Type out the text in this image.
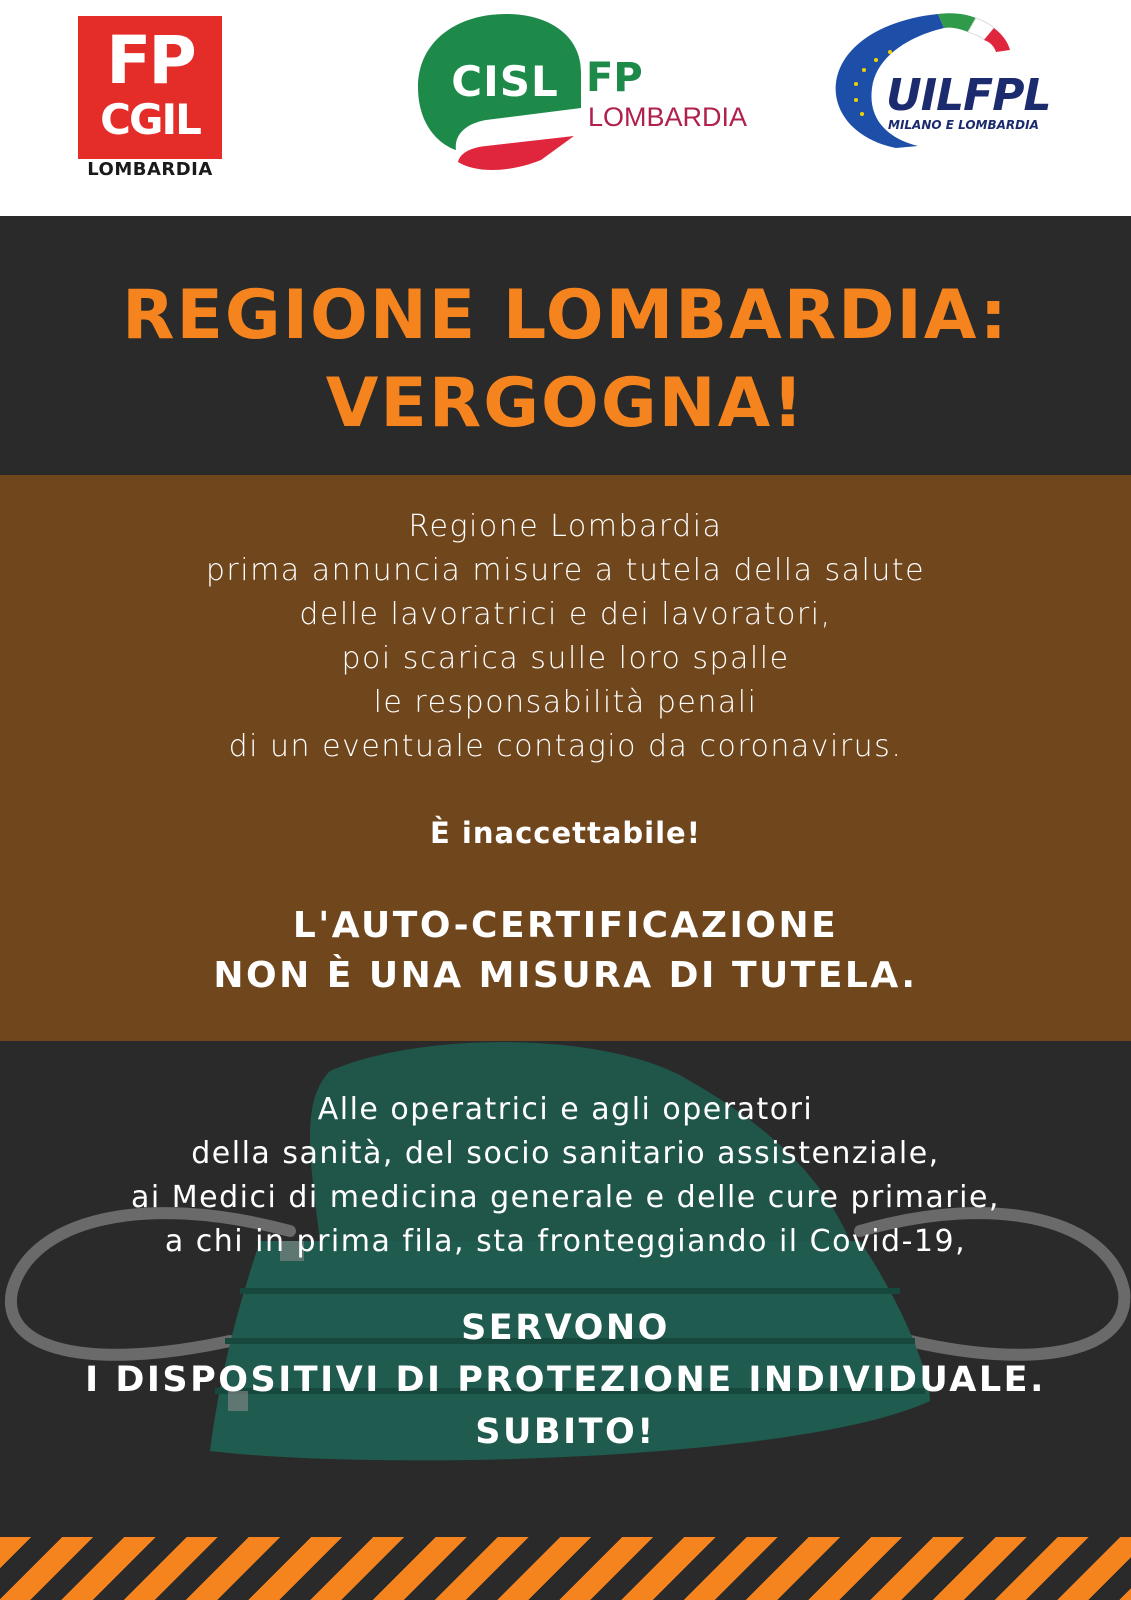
FP
CGIL
LOMBARDIA
CISL FP
LOMBARDIA	UILFPL
MILANO E LOMBARDIA
REGIONE LOMBARDIA:
VERGOGNA!
Regione Lombardia
prima annuncia misure a tutela della salute
delle lavoratrici e dei lavoratori,
poi scarica sulle loro spalle
le responsabilità penali
di un eventuale contagio da coronavirus.
È inaccettabile!
L'AUTO-CERTIFICAZIONE
NON È UNA MISURA DI TUTELA.
Alle operatrici e agli operatori
della sanità, del socio sanitario assistenziale,
ai Medici di medicina generale e delle cure primarie,
a chi in prima fila, sta fronteggiando il Covid-19,
SERVONO
I DISPOSITIVI DI PROTEZIONE INDIVIDUALE.
SUBITO!
